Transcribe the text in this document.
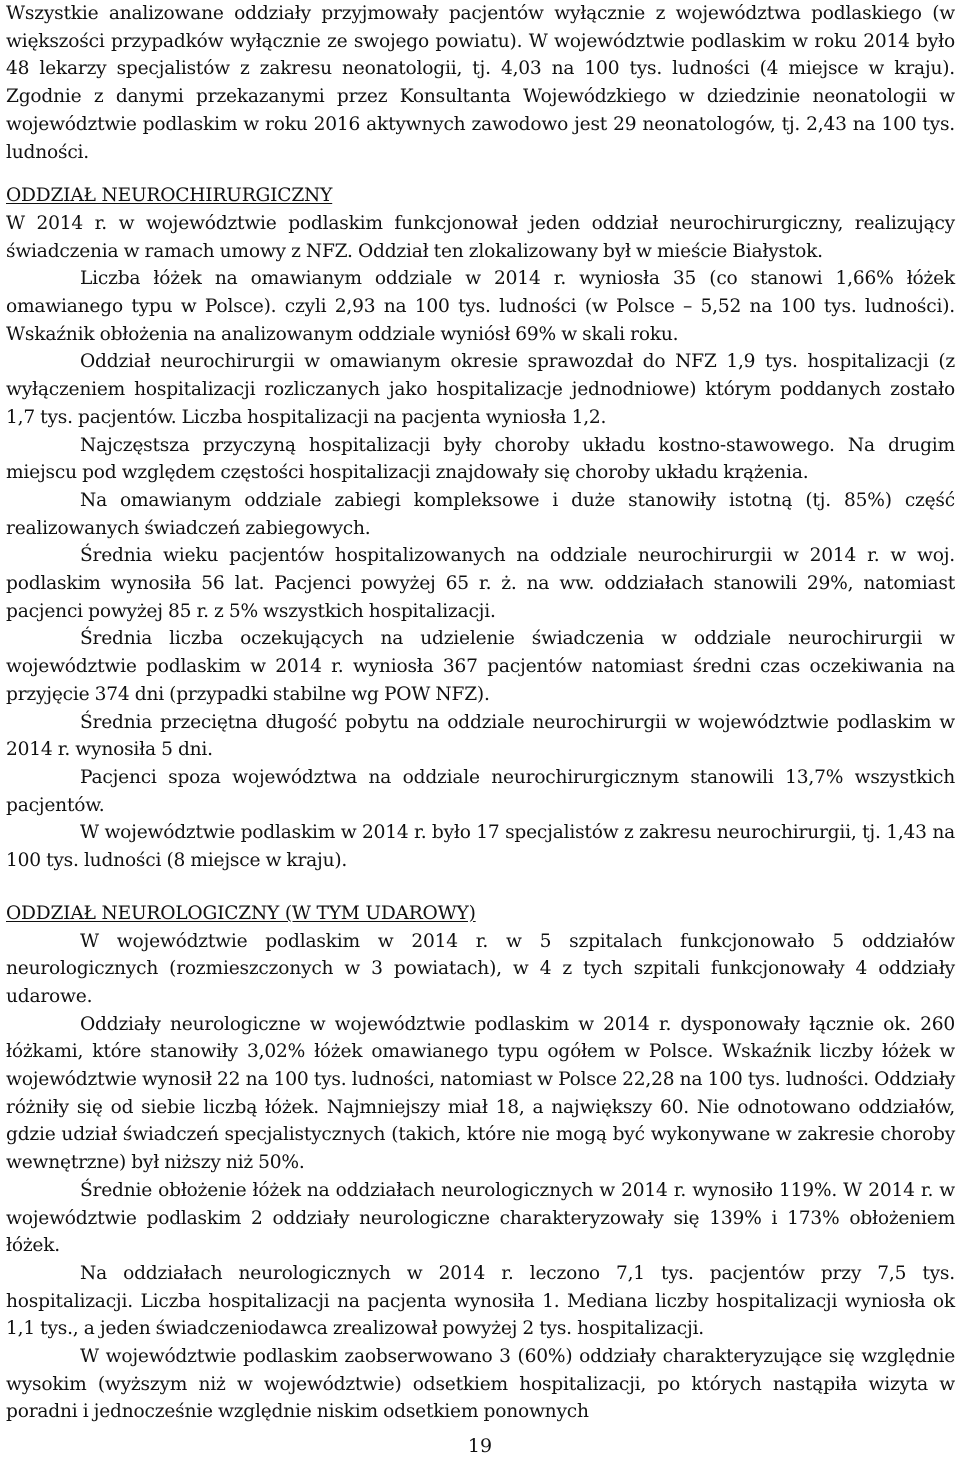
Wszystkie analizowane oddziały przyjmowały pacjentów wyłącznie z województwa podlaskiego (w większości przypadków wyłącznie ze swojego powiatu). W województwie podlaskim w roku 2014 było 48 lekarzy specjalistów z zakresu neonatologii, tj. 4,03 na 100 tys. ludności (4 miejsce w kraju). Zgodnie z danymi przekazanymi przez Konsultanta Wojewódzkiego w dziedzinie neonatologii w województwie podlaskim w roku 2016 aktywnych zawodowo jest 29 neonatologów, tj. 2,43 na 100 tys. ludności.

ODDZIAŁ NEUROCHIRURGICZNY

W 2014 r. w województwie podlaskim funkcjonował jeden oddział neurochirurgiczny, realizujący świadczenia w ramach umowy z NFZ. Oddział ten zlokalizowany był w mieście Białystok.

Liczba łóżek na omawianym oddziale w 2014 r. wyniosła 35 (co stanowi 1,66% łóżek omawianego typu w Polsce). czyli 2,93 na 100 tys. ludności (w Polsce – 5,52 na 100 tys. ludności). Wskaźnik obłożenia na analizowanym oddziale wyniósł 69% w skali roku.

Oddział neurochirurgii w omawianym okresie sprawozdał do NFZ 1,9 tys. hospitalizacji (z wyłączeniem hospitalizacji rozliczanych jako hospitalizacje jednodniowe) którym poddanych zostało 1,7 tys. pacjentów. Liczba hospitalizacji na pacjenta wyniosła 1,2.

Najczęstsza przyczyną hospitalizacji były choroby układu kostno-stawowego. Na drugim miejscu pod względem częstości hospitalizacji znajdowały się choroby układu krążenia.

Na omawianym oddziale zabiegi kompleksowe i duże stanowiły istotną (tj. 85%) część realizowanych świadczeń zabiegowych.

Średnia wieku pacjentów hospitalizowanych na oddziale neurochirurgii w 2014 r. w woj. podlaskim wynosiła 56 lat. Pacjenci powyżej 65 r. ż. na ww. oddziałach stanowili 29%, natomiast pacjenci powyżej 85 r. z 5% wszystkich hospitalizacji.

Średnia liczba oczekujących na udzielenie świadczenia w oddziale neurochirurgii w województwie podlaskim w 2014 r. wyniosła 367 pacjentów natomiast średni czas oczekiwania na przyjęcie 374 dni (przypadki stabilne wg POW NFZ).

Średnia przeciętna długość pobytu na oddziale neurochirurgii w województwie podlaskim w 2014 r. wynosiła 5 dni.

Pacjenci spoza województwa na oddziale neurochirurgicznym stanowili 13,7% wszystkich pacjentów.

W województwie podlaskim w 2014 r. było 17 specjalistów z zakresu neurochirurgii, tj. 1,43 na 100 tys. ludności (8 miejsce w kraju).

ODDZIAŁ NEUROLOGICZNY (W TYM UDAROWY)

W województwie podlaskim w 2014 r. w 5 szpitalach funkcjonowało 5 oddziałów neurologicznych (rozmieszczonych w 3 powiatach), w 4 z tych szpitali funkcjonowały 4 oddziały udarowe.

Oddziały neurologiczne w województwie podlaskim w 2014 r. dysponowały łącznie ok. 260 łóżkami, które stanowiły 3,02% łóżek omawianego typu ogółem w Polsce. Wskaźnik liczby łóżek w województwie wynosił 22 na 100 tys. ludności, natomiast w Polsce 22,28 na 100 tys. ludności. Oddziały różniły się od siebie liczbą łóżek. Najmniejszy miał 18, a największy 60. Nie odnotowano oddziałów, gdzie udział świadczeń specjalistycznych (takich, które nie mogą być wykonywane w zakresie choroby wewnętrzne) był niższy niż 50%.

Średnie obłożenie łóżek na oddziałach neurologicznych w 2014 r. wynosiło 119%. W 2014 r. w województwie podlaskim 2 oddziały neurologiczne charakteryzowały się 139% i 173% obłożeniem łóżek.

Na oddziałach neurologicznych w 2014 r. leczono 7,1 tys. pacjentów przy 7,5 tys. hospitalizacji. Liczba hospitalizacji na pacjenta wynosiła 1. Mediana liczby hospitalizacji wyniosła ok 1,1 tys., a jeden świadczeniodawca zrealizował powyżej 2 tys. hospitalizacji.

W województwie podlaskim zaobserwowano 3 (60%) oddziały charakteryzujące się względnie wysokim (wyższym niż w województwie) odsetkiem hospitalizacji, po których nastąpiła wizyta w poradni i jednocześnie względnie niskim odsetkiem ponownych

19
